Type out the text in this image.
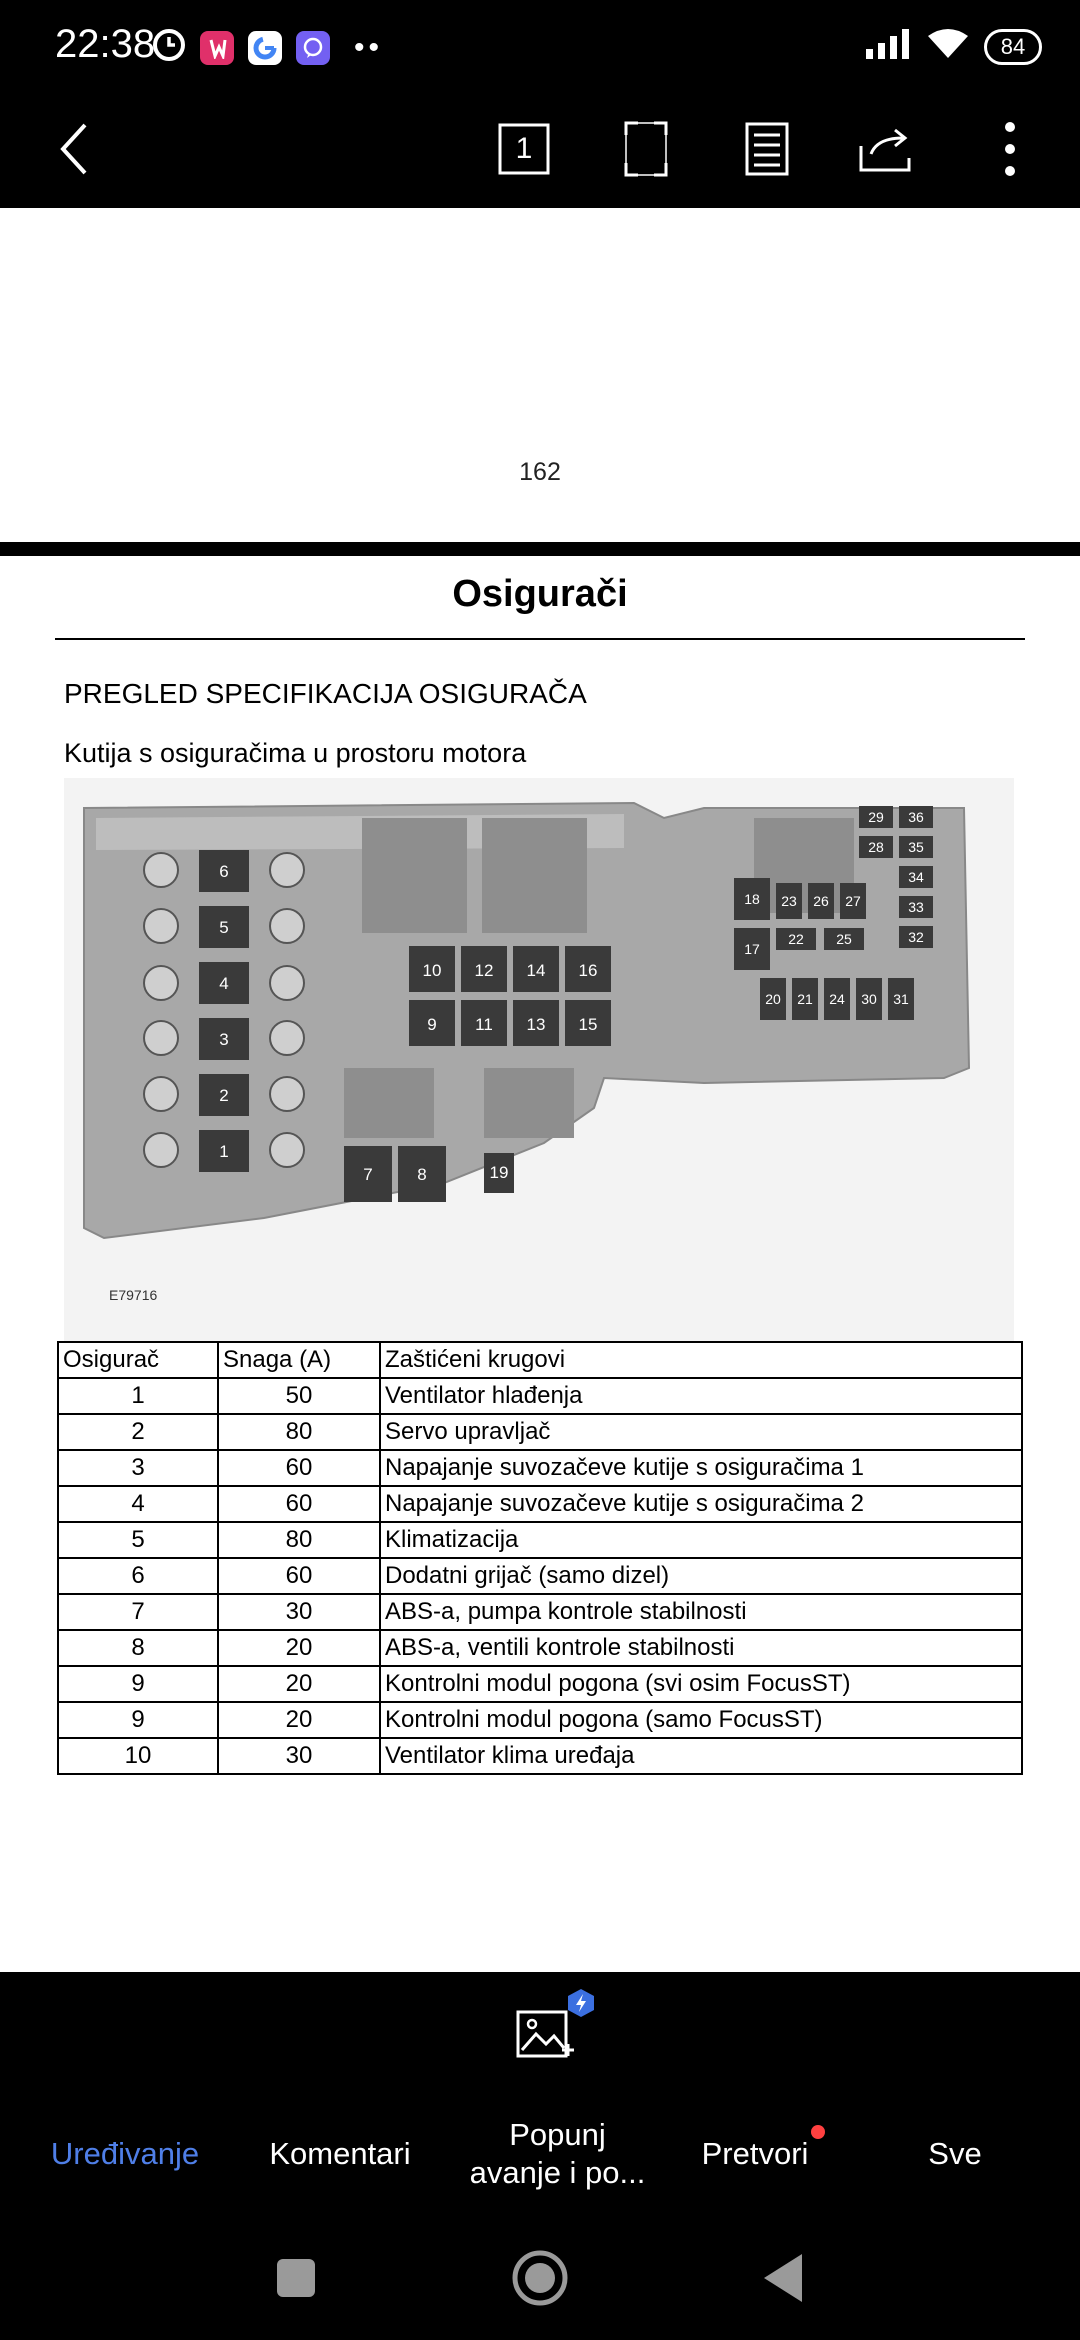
22:38	••	84
1
162
Osigurači
PREGLED SPECIFIKACIJA OSIGURAČA
Kutija s osiguračima u prostoru motora
6
5
4
3
2
1
10 12 14 16
9 11 13 15
7	8	19
29 36
28 35
34
33
32
18 23 26 27
17
22 25
20 21 24 30 31
E79716
Osigurač	Snaga (A)	Zaštićeni krugovi
1	50	Ventilator hlađenja
2	80	Servo upravljač
3	60	Napajanje suvozačeve kutije s osiguračima 1
4	60	Napajanje suvozačeve kutije s osiguračima 2
5	80	Klimatizacija
6	60	Dodatni grijač (samo dizel)
7	30	ABS-a, pumpa kontrole stabilnosti
8	20	ABS-a, ventili kontrole stabilnosti
9	20	Kontrolni modul pogona (svi osim FocusST)
9	20	Kontrolni modul pogona (samo FocusST)
10	30	Ventilator klima uređaja
Uređivanje	Komentari
Popunj
avanje i po...
Pretvori	Sve
